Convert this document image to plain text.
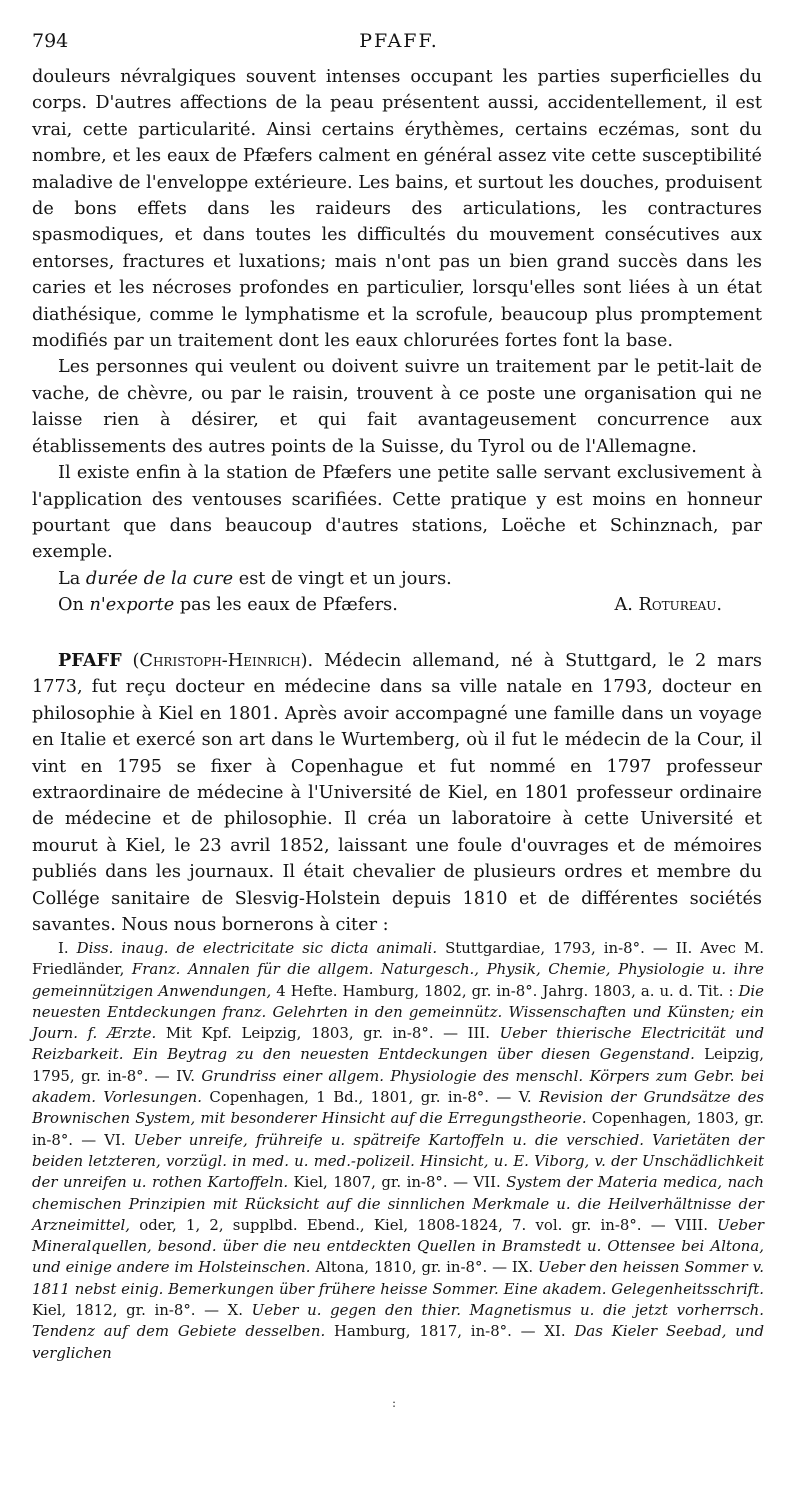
794	PFAFF.

douleurs névralgiques souvent intenses occupant les parties superficielles du corps. D'autres affections de la peau présentent aussi, accidentellement, il est vrai, cette particularité. Ainsi certains érythèmes, certains eczémas, sont du nombre, et les eaux de Pfæfers calment en général assez vite cette susceptibilité maladive de l'enveloppe extérieure. Les bains, et surtout les douches, produisent de bons effets dans les raideurs des articulations, les contractures spasmodiques, et dans toutes les difficultés du mouvement consécutives aux entorses, fractures et luxations; mais n'ont pas un bien grand succès dans les caries et les nécroses profondes en particulier, lorsqu'elles sont liées à un état diathésique, comme le lymphatisme et la scrofule, beaucoup plus promptement modifiés par un traitement dont les eaux chlorurées fortes font la base.

Les personnes qui veulent ou doivent suivre un traitement par le petit-lait de vache, de chèvre, ou par le raisin, trouvent à ce poste une organisation qui ne laisse rien à désirer, et qui fait avantageusement concurrence aux établissements des autres points de la Suisse, du Tyrol ou de l'Allemagne.

Il existe enfin à la station de Pfæfers une petite salle servant exclusivement à l'application des ventouses scarifiées. Cette pratique y est moins en honneur pourtant que dans beaucoup d'autres stations, Loëche et Schinznach, par exemple.

La durée de la cure est de vingt et un jours.

On n'exporte pas les eaux de Pfæfers.	A. Rotureau.

PFAFF (Christoph-Heinrich). Médecin allemand, né à Stuttgard, le 2 mars 1773, fut reçu docteur en médecine dans sa ville natale en 1793, docteur en philosophie à Kiel en 1801. Après avoir accompagné une famille dans un voyage en Italie et exercé son art dans le Wurtemberg, où il fut le médecin de la Cour, il vint en 1795 se fixer à Copenhague et fut nommé en 1797 professeur extraordinaire de médecine à l'Université de Kiel, en 1801 professeur ordinaire de médecine et de philosophie. Il créa un laboratoire à cette Université et mourut à Kiel, le 23 avril 1852, laissant une foule d'ouvrages et de mémoires publiés dans les journaux. Il était chevalier de plusieurs ordres et membre du Collége sanitaire de Slesvig-Holstein depuis 1810 et de différentes sociétés savantes. Nous nous bornerons à citer :

I. Diss. inaug. de electricitate sic dicta animali. Stuttgardiae, 1793, in-8°. — II. Avec M. Friedländer, Franz. Annalen für die allgem. Naturgesch., Physik, Chemie, Physiologie u. ihre gemeinnützigen Anwendungen, 4 Hefte. Hamburg, 1802, gr. in-8°. Jahrg. 1803, a. u. d. Tit. : Die neuesten Entdeckungen franz. Gelehrten in den gemeinnütz. Wissenschaften und Künsten; ein Journ. f. Ærzte. Mit Kpf. Leipzig, 1803, gr. in-8°. — III. Ueber thierische Electricität und Reizbarkeit. Ein Beytrag zu den neuesten Entdeckungen über diesen Gegenstand. Leipzig, 1795, gr. in-8°. — IV. Grundriss einer allgem. Physiologie des menschl. Körpers zum Gebr. bei akadem. Vorlesungen. Copenhagen, 1 Bd., 1801, gr. in-8°. — V. Revision der Grundsätze des Brownischen System, mit besonderer Hinsicht auf die Erregungstheorie. Copenhagen, 1803, gr. in-8°. — VI. Ueber unreife, frühreife u. spätreife Kartoffeln u. die verschied. Varietäten der beiden letzteren, vorzügl. in med. u. med.-polizeil. Hinsicht, u. E. Viborg, v. der Unschädlichkeit der unreifen u. rothen Kartoffeln. Kiel, 1807, gr. in-8°. — VII. System der Materia medica, nach chemischen Prinzipien mit Rücksicht auf die sinnlichen Merkmale u. die Heilverhältnisse der Arzneimittel, oder, 1, 2, supplbd. Ebend., Kiel, 1808-1824, 7. vol. gr. in-8°. — VIII. Ueber Mineralquellen, besond. über die neu entdeckten Quellen in Bramstedt u. Ottensee bei Altona, und einige andere im Holsteinschen. Altona, 1810, gr. in-8°. — IX. Ueber den heissen Sommer v. 1811 nebst einig. Bemerkungen über frühere heisse Sommer. Eine akadem. Gelegenheitsschrift. Kiel, 1812, gr. in-8°. — X. Ueber u. gegen den thier. Magnetismus u. die jetzt vorherrsch. Tendenz auf dem Gebiete desselben. Hamburg, 1817, in-8°. — XI. Das Kieler Seebad, und verglichen

:
